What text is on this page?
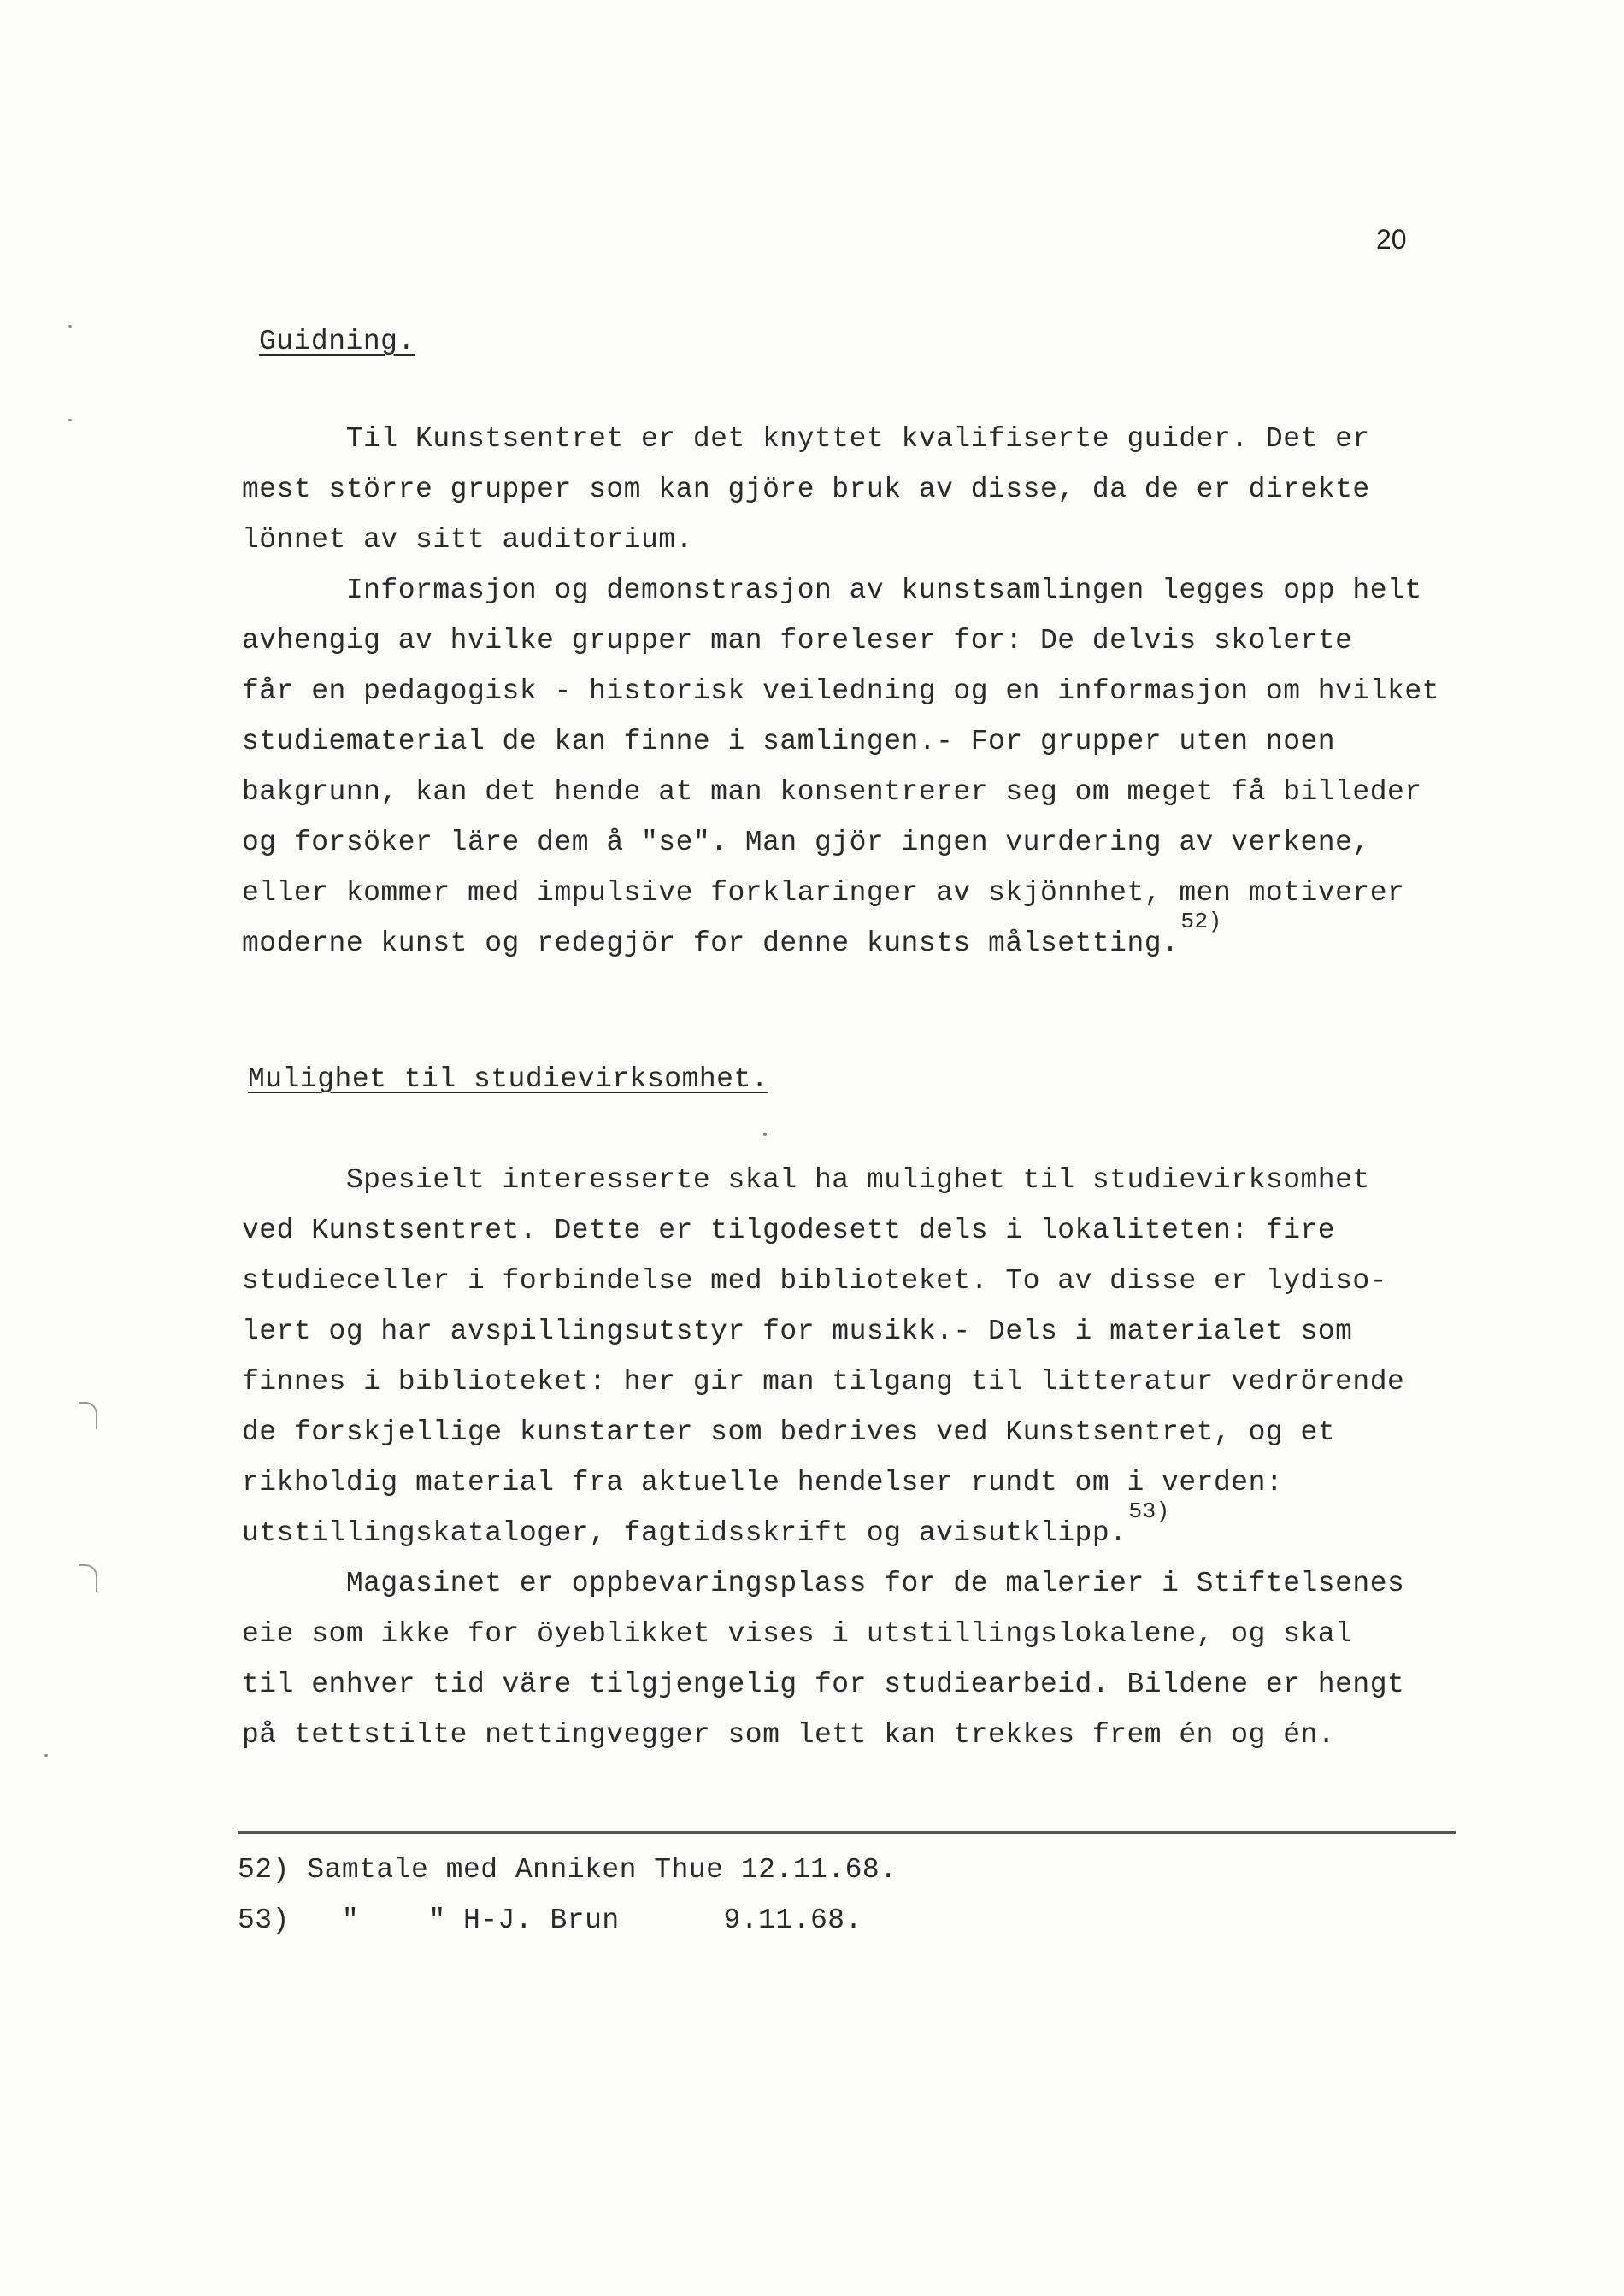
20
Guidning.
Til Kunstsentret er det knyttet kvalifiserte guider. Det er
mest större grupper som kan gjöre bruk av disse, da de er direkte
lönnet av sitt auditorium.
Informasjon og demonstrasjon av kunstsamlingen legges opp helt
avhengig av hvilke grupper man foreleser for: De delvis skolerte
får en pedagogisk - historisk veiledning og en informasjon om hvilket
studiematerial de kan finne i samlingen.- For grupper uten noen
bakgrunn, kan det hende at man konsentrerer seg om meget få billeder
og forsöker läre dem å "se". Man gjör ingen vurdering av verkene,
eller kommer med impulsive forklaringer av skjönnhet, men motiverer
moderne kunst og redegjör for denne kunsts målsetting.$^{52)}$
Mulighet til studievirksomhet.
Spesielt interesserte skal ha mulighet til studievirksomhet
ved Kunstsentret. Dette er tilgodesett dels i lokaliteten: fire
studieceller i forbindelse med biblioteket. To av disse er lydiso-
lert og har avspillingsutstyr for musikk.- Dels i materialet som
finnes i biblioteket: her gir man tilgang til litteratur vedrörende
de forskjellige kunstarter som bedrives ved Kunstsentret, og et
rikholdig material fra aktuelle hendelser rundt om i verden:
utstillingskataloger, fagtidsskrift og avisutklipp.$^{53)}$
Magasinet er oppbevaringsplass for de malerier i Stiftelsenes
eie som ikke for öyeblikket vises i utstillingslokalene, og skal
til enhver tid väre tilgjengelig for studiearbeid. Bildene er hengt
på tettstilte nettingvegger som lett kan trekkes frem én og én.
52) Samtale med Anniken Thue 12.11.68.
53)   "    " H-J. Brun      9.11.68.
